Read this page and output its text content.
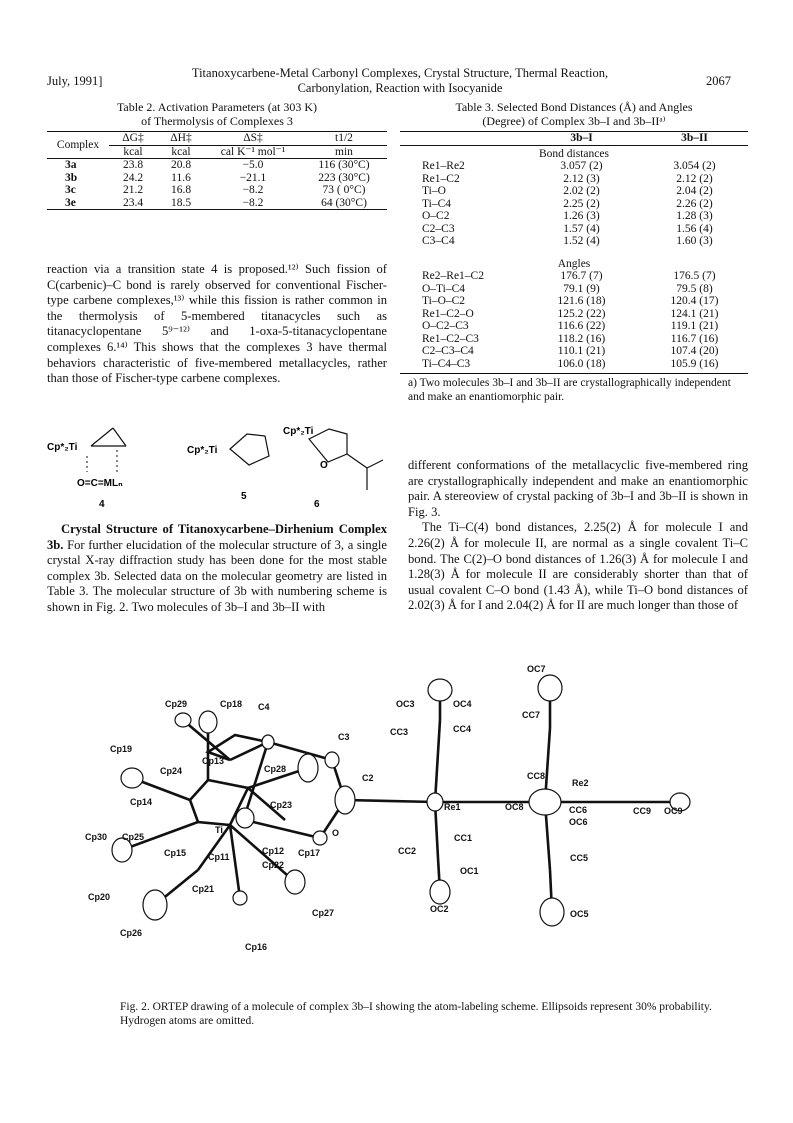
July, 1991]
Titanoxycarbene-Metal Carbonyl Complexes, Crystal Structure, Thermal Reaction,
Carbonylation, Reaction with Isocyanide	2067
Table 2. Activation Parameters (at 303 K)
of Thermolysis of Complexes 3
Complex	ΔG‡	ΔH‡	ΔS‡	t1/2
	kcal	kcal	cal K⁻¹ mol⁻¹	min
3a	23.8	20.8	−5.0	116 (30°C)
3b	24.2	11.6	−21.1	223 (30°C)
3c	21.2	16.8	−8.2	73 ( 0°C)
3e	23.4	18.5	−8.2	64 (30°C)
Table 3. Selected Bond Distances (Å) and Angles
(Degree) of Complex 3b–I and 3b–IIᵃ⁾
	3b–I	3b–II
Bond distances		
Re1–Re2	3.057 (2)	3.054 (2)
Re1–C2	2.12 (3)	2.12 (2)
Ti–O	2.02 (2)	2.04 (2)
Ti–C4	2.25 (2)	2.26 (2)
O–C2	1.26 (3)	1.28 (3)
C2–C3	1.57 (4)	1.56 (4)
C3–C4	1.52 (4)	1.60 (3)

Angles		
Re2–Re1–C2	176.7 (7)	176.5 (7)
O–Ti–C4	79.1 (9)	79.5 (8)
Ti–O–C2	121.6 (18)	120.4 (17)
Re1–C2–O	125.2 (22)	124.1 (21)
O–C2–C3	116.6 (22)	119.1 (21)
Re1–C2–C3	118.2 (16)	116.7 (16)
C2–C3–C4	110.1 (21)	107.4 (20)
Ti–C4–C3	106.0 (18)	105.9 (16)
a) Two molecules 3b–I and 3b–II are crystallographically independent and make an enantiomorphic pair.

reaction via a transition state 4 is proposed.¹²⁾ Such fission of C(carbenic)–C bond is rarely observed for conventional Fischer-type carbene complexes,¹³⁾ while this fission is rather common in the thermolysis of 5-membered titanacycles such as titanacyclopentane 5⁹⁻¹²⁾ and 1-oxa-5-titanacyclopentane complexes 6.¹⁴⁾ This shows that the complexes 3 have thermal behaviors characteristic of five-membered metallacycles, rather than those of Fischer-type carbene complexes.

Cp*₂Ti
O=C=MLₙ
4
Cp*₂Ti
5
Cp*₂Ti
O
6

Crystal Structure of Titanoxycarbene–Dirhenium Complex 3b. For further elucidation of the molecular structure of 3, a single crystal X-ray diffraction study has been done for the most stable complex 3b. Selected data on the molecular geometry are listed in Table 3. The molecular structure of 3b with numbering scheme is shown in Fig. 2. Two molecules of 3b–I and 3b–II with

different conformations of the metallacyclic five-membered ring are crystallographically independent and make an enantiomorphic pair. A stereoview of crystal packing of 3b–I and 3b–II is shown in Fig. 3.

The Ti–C(4) bond distances, 2.25(2) Å for molecule I and 2.26(2) Å for molecule II, are normal as a single covalent Ti–C bond. The C(2)–O bond distances of 1.26(3) Å for molecule I and 1.28(3) Å for molecule II are considerably shorter than that of usual covalent C–O bond (1.43 Å), while Ti–O bond distances of 2.02(3) Å for I and 2.04(2) Å for II are much longer than those of

OC7
OC3	OC4
CC7
Cp29	Cp18 C4
CC3	CC4
C3
Cp19
Cp13
Cp24	Cp28
C2	CC8
Re2
Cp14	Re1	OC8	CC6	CC9 OC9
OC6
Cp23
Ti	O
Cp30 Cp25	CC1
Cp12 Cp17
Cp15 Cp11
CC2
CC5
Cp22
OC1
Cp21
Cp20
OC2
Cp27	OC5
Cp26
Cp16
Fig. 2. ORTEP drawing of a molecule of complex 3b–I showing the atom-labeling scheme. Ellipsoids represent 30% probability. Hydrogen atoms are omitted.
